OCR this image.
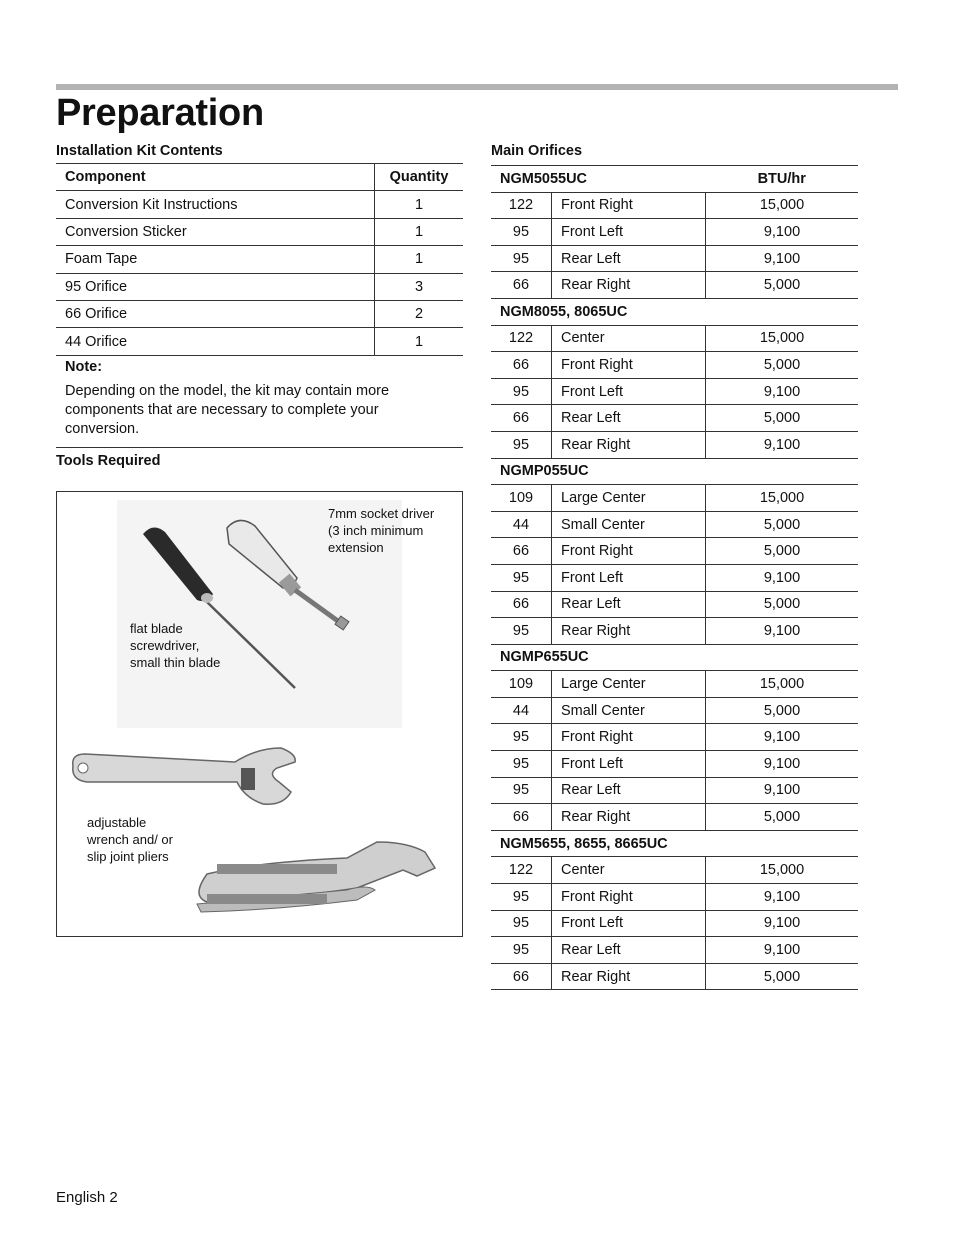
Preparation
Installation Kit Contents
Component	Quantity
Conversion Kit Instructions	1
Conversion Sticker	1
Foam Tape	1
95 Orifice	3
66 Orifice	2
44 Orifice	1
Note:	
Depending on the model, the kit may contain more components that are necessary to complete your conversion.	
Tools Required
7mm socket driver (3 inch minimum extension
flat blade screwdriver, small thin blade
adjustable wrench and/ or slip joint pliers
Main Orifices
NGM5055UC		BTU/hr
122	Front Right	15,000
95	Front Left	9,100
95	Rear Left	9,100
66	Rear Right	5,000
NGM8055, 8065UC		
122	Center	15,000
66	Front Right	5,000
95	Front Left	9,100
66	Rear Left	5,000
95	Rear Right	9,100
NGMP055UC		
109	Large Center	15,000
44	Small Center	5,000
66	Front Right	5,000
95	Front Left	9,100
66	Rear Left	5,000
95	Rear Right	9,100
NGMP655UC		
109	Large Center	15,000
44	Small Center	5,000
95	Front Right	9,100
95	Front Left	9,100
95	Rear Left	9,100
66	Rear Right	5,000
NGM5655, 8655, 8665UC		
122	Center	15,000
95	Front Right	9,100
95	Front Left	9,100
95	Rear Left	9,100
66	Rear Right	5,000
English 2
